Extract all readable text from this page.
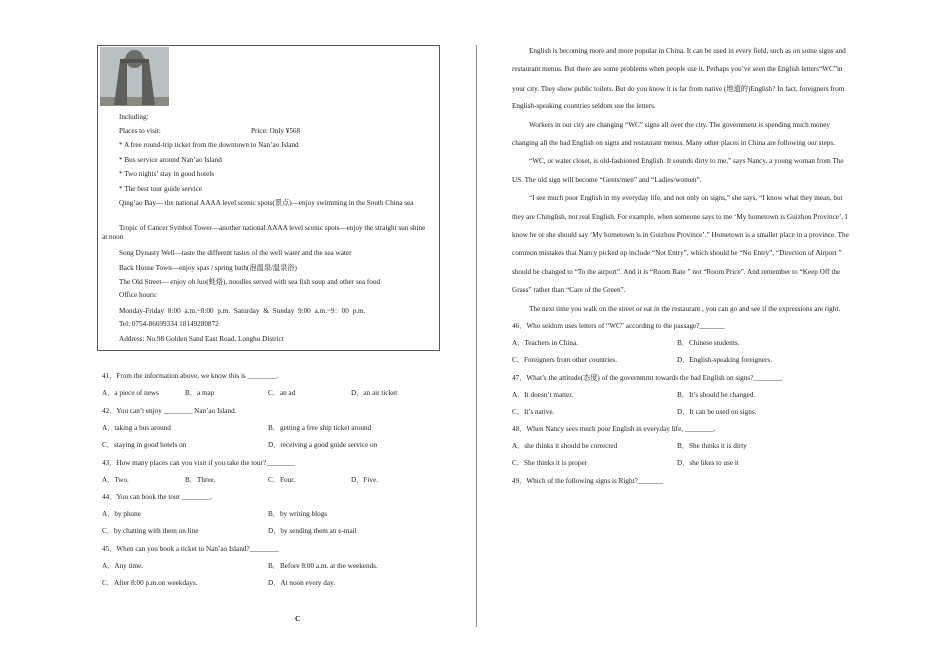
Including:
Places to visit:	Price: Only ¥568
* A free round-trip ticket from the downtown to Nan’ao Island
* Bus service around Nan’ao Island
* Two nights’ stay in good hotels
* The best tour guide service
Qing’ao Bay— the national AAAA level scenic spots(景点)—enjoy swimming in the South China sea
Tropic of Cancer Symbol Tower—another national AAAA level scenic spots—enjoy the straight sun shine at noon
Song Dynasty Well—taste the different tastes of the well water and the sea water
Back House Town—enjoy spas / spring bath(泡温泉/温泉浴)
The Old Street— enjoy oh luo(蚝烙), noodles served with sea fish soup and other sea food
Office hours:
Monday-Friday 8:00 a.m.~8:00 p.m. Saturday & Sunday 9:00 a.m.~9：00 p.m.
Tel: 0754-86699334 18149280872
Address: No.98 Golden Sand East Road, Longhu District
41．From the information above, we know this is ________.
A．a piece of news	B．a map	C．an ad	D．an air ticket
42．You can’t enjoy ________ Nan’ao Island.
A．taking a bus around	B．getting a free ship ticket around
C．staying in good hotels on	D．receiving a good guide service on
43．How many places can you visit if you take the tour?________
A．Two.	B．Three.	C．Four.	D．Five.
44．You can book the tour ________.
A．by phone	B．by writing blogs
C．by chatting with them on line	D．by sending them an e-mail
45．When can you book a ticket to Nan’ao Island?________
A．Any time.	B．Before 8:00 a.m. at the weekends.
C．After 8:00 p.m.on weekdays.	D．At noon every day.
C
English is becoming more and more popular in China. It can be used in every field, such as on some signs and
restaurant menus. But there are some problems when people use it. Perhaps you’ve seen the English letters“WC”in
your city. They show public toilets. But do you know it is far from native (地道的)English? In fact, foreigners from
English-speaking countries seldom use the letters.
Workers in our city are changing “WC” signs all over the city. The government is spending much money
changing all the bad English on signs and restaurant menus. Many other places in China are following our steps.
“WC, or water closet, is old-fashioned English. It sounds dirty to me,” says Nancy, a young woman from The
US. The old sign will become “Gents/men” and “Ladies/women”.
“I see much poor English in my everyday life, and not only on signs,” she says, “I know what they mean, but
they are Chinglish, not real English. For example, when someone says to me ‘My hometown is Guizhou Province’, I
know he or she should say ‘My hometown is in Guizhou Province’.” Hometown is a smaller place in a province. The
common mistakes that Nancy picked up include “Not Entry”, which should be “No Entry”, “Direction of Airport ”
should be changed to “To the airport”. And it is “Room Rate ” not “Room Price”. And remember to “Keep Off the
Grass” rather than “Care of the Green”.
The next time you walk on the street or eat in the restaurant , you can go and see if the expressions are right.
46．Who seldom uses letters of “WC” according to the passage?_______
A．Teachers in China.	B．Chinese students.
C．Foreigners from other countries.	D．English-speaking foreigners.
47．What’s the attitude(态度) of the governmrnt towards the bad English on signs?________
A．It doesn’t matter.	B．It’s should be changed.
C．It’s native.	D．It can be used on signs.
48．When Nancy sees much poor English in everyday life, ________.
A．she thinks it should be corrected	B．She thinks it is dirty
C．She thinks it is proper	D．she likes to use it
49．Which of the following signs is Right?_______
